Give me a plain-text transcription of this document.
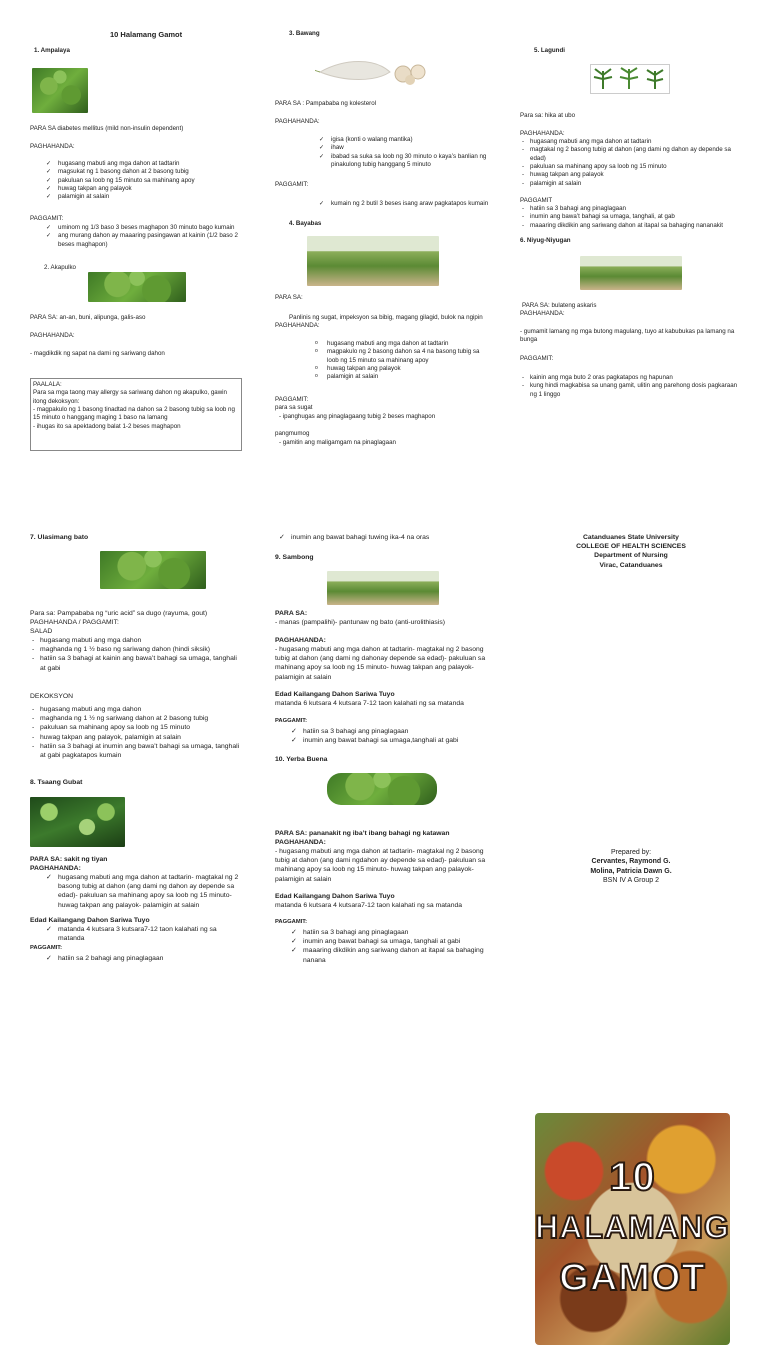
10 Halamang Gamot
1. Ampalaya
PARA SA diabetes mellitus (mild non-insulin dependent)
PAGHAHANDA:
✓ hugasang mabuti ang mga dahon at tadtarin
✓ magsukat ng 1 basong dahon at 2 basong tubig
✓ pakuluan sa loob ng 15 minuto sa mahinang apoy
✓ huwag takpan ang palayok
✓ palamigin at salain
PAGGAMIT:
✓ uminom ng 1/3 baso 3 beses maghapon 30 minuto bago kumain
✓ ang murang dahon ay maaaring pasingawan at kainin (1/2 baso 2 beses maghapon)
2. Akapulko
PARA SA: an-an, buni, alipunga, galis-aso
PAGHAHANDA:
- magdikdik ng sapat na dami ng sariwang dahon
PAALALA:
Para sa mga taong may allergy sa sariwang dahon ng akapulko, gawin itong dekoksyon:
- magpakulo ng 1 basong tinadtad na dahon sa 2 basong tubig sa loob ng 15 minuto o hanggang maging 1 baso na lamang
- ihugas ito sa apektadong balat 1-2 beses maghapon
3. Bawang
PARA SA : Pampababa ng kolesterol
PAGHAHANDA:
✓ igisa (konti o walang mantika)
✓ ihaw
✓ ibabad sa suka sa loob ng 30 minuto o kaya’s banlian ng pinakulong tubig hanggang 5 minuto
PAGGAMIT:
✓ kumain ng 2 butil 3 beses isang araw pagkatapos kumain
4. Bayabas
PARA SA:
Panlinis ng sugat, impeksyon sa bibig, magang gilagid, bulok na ngipin
PAGHAHANDA:
o hugasang mabuti ang mga dahon at tadtarin
o magpakulo ng 2 basong dahon sa 4 na basong tubig sa loob ng 15 minuto sa mahinang apoy
o huwag takpan ang palayok
o palamigin at salain
PAGGAMIT:
para sa sugat
- ipanghugas ang pinaglagaang tubig 2 beses maghapon
pangmumog
- gamitin ang maligamgam na pinaglagaan
5. Lagundi
Para sa: hika at ubo
PAGHAHANDA:
- hugasang mabuti ang mga dahon at tadtarin
- magtakal ng 2 basong tubig at dahon (ang dami ng dahon ay depende sa edad)
- pakuluan sa mahinang apoy sa loob ng 15 minuto
- huwag takpan ang palayok
- palamigin at salain
PAGGAMIT
- hatiin sa 3 bahagi ang pinaglagaan
- inumin ang bawa’t bahagi sa umaga, tanghali, at gab
- maaaring dikdikin ang sariwang dahon at itapal sa bahaging nananakit
6. Niyug-Niyugan
PARA SA: bulateng askaris
PAGHAHANDA:
- gumamit lamang ng mga butong magulang, tuyo at kabubukas pa lamang na bunga
PAGGAMIT:
- kainin ang mga buto 2 oras pagkatapos ng hapunan
- kung hindi magkabisa sa unang gamit, ulitin ang parehong dosis pagkaraan ng 1 linggo
7. Ulasimang bato
Para sa: Pampababa ng “uric acid” sa dugo (rayuma, gout)
PAGHAHANDA / PAGGAMIT:
SALAD
- hugasang mabuti ang mga dahon
- maghanda ng 1 ½ baso ng sariwang dahon (hindi siksik)
- hatiin sa 3 bahagi at kainin ang bawa’t bahagi sa umaga, tanghali at gabi
DEKOKSYON
- hugasang mabuti ang mga dahon
- maghanda ng 1 ½ ng sariwang dahon at 2 basong tubig
- pakuluan sa mahinang apoy sa loob ng 15 minuto
- huwag takpan ang palayok, palamigin at salain
- hatiin sa 3 bahagi at inumin ang bawa’t bahagi sa umaga, tanghali at gabi pagkatapos kumain
8. Tsaang Gubat
PARA SA: sakit ng tiyan
PAGHAHANDA:
✓ hugasang mabuti ang mga dahon at tadtarin- magtakal ng 2 basong tubig at dahon (ang dami ng dahon ay depende sa edad)- pakuluan sa mahinang apoy sa loob ng 15 minuto- huwag takpan ang palayok- palamigin at salain
Edad Kailangang Dahon Sariwa Tuyo
✓ matanda 4 kutsara 3 kutsara7-12 taon kalahati ng sa matanda
PAGGAMIT:
✓ hatiin sa 2 bahagi ang pinaglagaan
✓ inumin ang bawat bahagi tuwing ika-4 na oras
9. Sambong
PARA SA:
- manas (pampalihi)- pantunaw ng bato (anti-urolithiasis)
PAGHAHANDA:
- hugasang mabuti ang mga dahon at tadtarin- magtakal ng 2 basong tubig at dahon (ang dami ng dahonay depende sa edad)- pakuluan sa mahinang apoy sa loob ng 15 minuto- huwag takpan ang palayok- palamigin at salain
Edad Kailangang Dahon Sariwa Tuyo
matanda 6 kutsara 4 kutsara 7-12 taon kalahati ng sa matanda
PAGGAMIT:
✓ hatiin sa 3 bahagi ang pinaglagaan
✓ inumin ang bawat bahagi sa umaga,tanghali at gabi
10. Yerba Buena
PARA SA: pananakit ng iba’t ibang bahagi ng katawan
PAGHAHANDA:
- hugasang mabuti ang mga dahon at tadtarin- magtakal ng 2 basong tubig at dahon (ang dami ngdahon ay depende sa edad)- pakuluan sa mahinang apoy sa loob ng 15 minuto- huwag takpan ang palayok- palamigin at salain
Edad Kailangang Dahon Sariwa Tuyo
matanda 6 kutsara 4 kutsara7-12 taon kalahati ng sa matanda
PAGGAMIT:
✓ hatiin sa 3 bahagi ang pinaglagaan
✓ inumin ang bawat bahagi sa umaga, tanghali at gabi
✓ maaaring dikdikin ang sariwang dahon at itapal sa bahaging nanana
Catanduanes State University
COLLEGE OF HEALTH SCIENCES
Department of Nursing
Virac, Catanduanes
10
HALAMANG
GAMOT
Prepared by:
Cervantes, Raymond G.
Molina, Patricia Dawn G.
BSN IV A Group 2
